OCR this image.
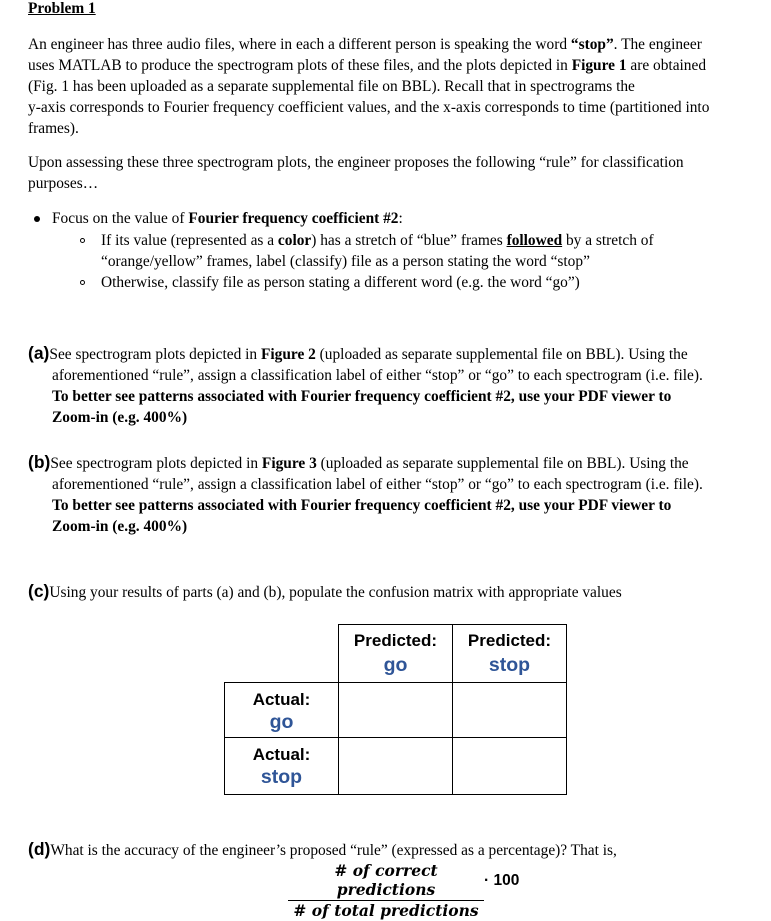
Problem 1
An engineer has three audio files, where in each a different person is speaking the word “stop”. The engineer
uses MATLAB to produce the spectrogram plots of these files, and the plots depicted in Figure 1 are obtained
(Fig. 1 has been uploaded as a separate supplemental file on BBL). Recall that in spectrograms the
y-axis corresponds to Fourier frequency coefficient values, and the x-axis corresponds to time (partitioned into
frames).
Upon assessing these three spectrogram plots, the engineer proposes the following “rule” for classification
purposes…
Focus on the value of Fourier frequency coefficient #2:
If its value (represented as a color) has a stretch of “blue” frames followed by a stretch of
“orange/yellow” frames, label (classify) file as a person stating the word “stop”
Otherwise, classify file as person stating a different word (e.g. the word “go”)
(a)See spectrogram plots depicted in Figure 2 (uploaded as separate supplemental file on BBL). Using the
aforementioned “rule”, assign a classification label of either “stop” or “go” to each spectrogram (i.e. file).
To better see patterns associated with Fourier frequency coefficient #2, use your PDF viewer to
Zoom-in (e.g. 400%)
(b)See spectrogram plots depicted in Figure 3 (uploaded as separate supplemental file on BBL). Using the
aforementioned “rule”, assign a classification label of either “stop” or “go” to each spectrogram (i.e. file).
To better see patterns associated with Fourier frequency coefficient #2, use your PDF viewer to
Zoom-in (e.g. 400%)
(c)Using your results of parts (a) and (b), populate the confusion matrix with appropriate values
Predicted:
go
Predicted:
stop
Actual:
go
Actual:
stop
(d)What is the accuracy of the engineer’s proposed “rule” (expressed as a percentage)? That is,
# of correct predictions
# of total predictions
· 100
